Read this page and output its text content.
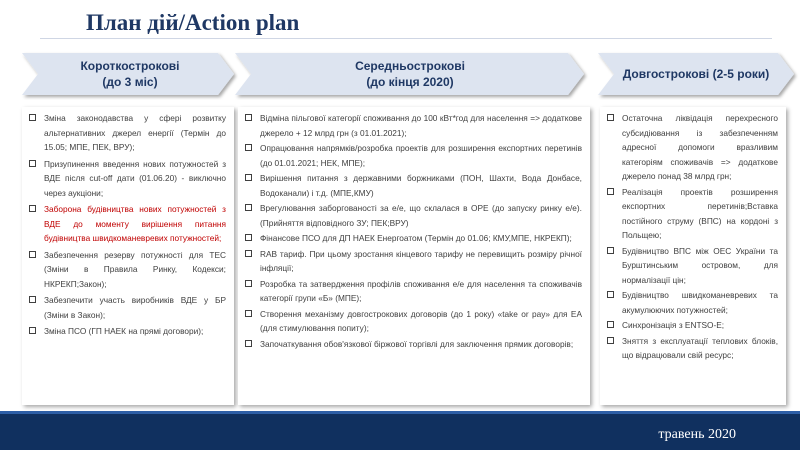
План дій/Action plan
Короткострокові
(до 3 міс)
Середньострокові
(до кінця 2020)
Довгострокові (2-5 роки)
Зміна законодавства у сфері розвитку альтернативних джерел енергії (Термін до 15.05; МПЕ, ПЕК, ВРУ);
Призупинення введення нових потужностей з ВДЕ після cut-off дати (01.06.20) - виключно через аукціони;
Заборона будівництва нових потужностей з ВДЕ до моменту вирішення питання будівництва швидкоманевревих потужностей;
Забезпечення резерву потужності для ТЕС (Зміни в Правила Ринку, Кодекси; НКРЕКП;Закон);
Забезпечити участь виробників ВДЕ у БР (Зміни в Закон);
Зміна ПСО (ГП НАЕК на прямі договори);
Відміна пільгової категорії споживання до 100 кВт*год для населення => додаткове джерело + 12 млрд грн (з 01.01.2021);
Опрацювання напрямків/розробка проектів для розширення експортних перетинів (до 01.01.2021; НЕК, МПЕ);
Вирішення питання з державними боржниками (ПОН, Шахти, Вода Донбасе, Водоканали) і т.д. (МПЕ,КМУ)
Врегулювання заборгованості за е/е, що склалася в ОРЕ (до запуску ринку е/е). (Прийняття відповідного ЗУ; ПЕК;ВРУ)
Фінансове ПСО для ДП НАЕК Енергоатом (Термін до 01.06; КМУ,МПЕ, НКРЕКП);
RAB тариф. При цьому зростання кінцевого тарифу не перевищить розміру річної інфляції;
Розробка та затвердження профілів споживання е/е для населення та споживачів категорії групи «Б» (МПЕ);
Створення механізму довгострокових договорів (до 1 року) «take or pay» для ЕА (для стимулювання попиту);
Започаткування обов'язкової біржової торгівлі для заключення прямик договорів;
Остаточна ліквідація перехресного субсидіювання із забезпеченням адресної допомоги вразливим категоріям споживачів => додаткове джерело понад 38 млрд грн;
Реалізація проектів розширення експортних перетинів;Вставка постійного струму (ВПС) на кордоні з Польщею;
Будівництво ВПС між ОЕС України та Бурштинським островом, для нормалізації цін;
Будівництво швидкоманевревих та акумулюючих потужностей;
Синхронізація з ENTSO-E;
Зняття з експлуатації теплових блоків, що відрацювали свій ресурс;
травень 2020
